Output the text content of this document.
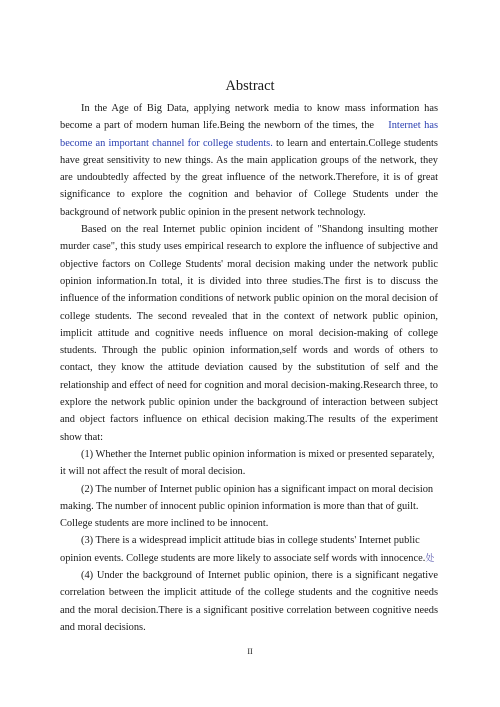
Abstract

In the Age of Big Data, applying network media to know mass information has become a part of modern human life.Being the newborn of the times, the Internet has become an important channel for college students. to learn and entertain.College students have great sensitivity to new things. As the main application groups of the network, they are undoubtedly affected by the great influence of the network.Therefore, it is of great significance to explore the cognition and behavior of College Students under the background of network public opinion in the present network technology.

Based on the real Internet public opinion incident of "Shandong insulting mother murder case", this study uses empirical research to explore the influence of subjective and objective factors on College Students' moral decision making under the network public opinion information.In total, it is divided into three studies.The first is to discuss the influence of the information conditions of network public opinion on the moral decision of college students. The second revealed that in the context of network public opinion, implicit attitude and cognitive needs influence on moral decision-making of college students. Through the public opinion information,self words and words of others to contact, they know the attitude deviation caused by the substitution of self and the relationship and effect of need for cognition and moral decision-making.Research three, to explore the network public opinion under the background of interaction between subject and object factors influence on ethical decision making.The results of the experiment show that:

(1) Whether the Internet public opinion information is mixed or presented separately, it will not affect the result of moral decision.

(2) The number of Internet public opinion has a significant impact on moral decision making. The number of innocent public opinion information is more than that of guilt. College students are more inclined to be innocent.

(3) There is a widespread implicit attitude bias in college students' Internet public opinion events. College students are more likely to associate self words with innocence.处

(4) Under the background of Internet public opinion, there is a significant negative correlation between the implicit attitude of the college students and the cognitive needs and the moral decision.There is a significant positive correlation between cognitive needs and moral decisions.

II
